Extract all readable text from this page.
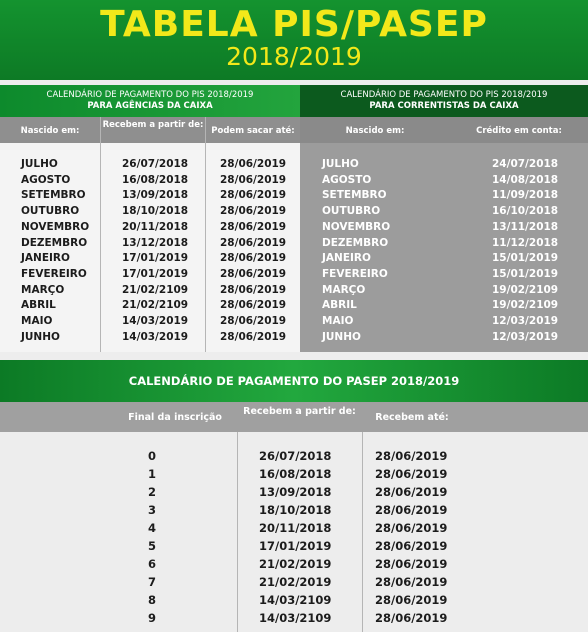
TABELA PIS/PASEP
2018/2019
CALENDÁRIO DE PAGAMENTO DO PIS 2018/2019
PARA AGÊNCIAS DA CAIXA
CALENDÁRIO DE PAGAMENTO DO PIS 2018/2019
PARA CORRENTISTAS DA CAIXA
Nascido em:
Recebem a partir de:
Podem sacar até:
JULHO	26/07/2018	28/06/2019
AGOSTO	16/08/2018	28/06/2019
SETEMBRO	13/09/2018	28/06/2019
OUTUBRO	18/10/2018	28/06/2019
NOVEMBRO	20/11/2018	28/06/2019
DEZEMBRO	13/12/2018	28/06/2019
JANEIRO	17/01/2019	28/06/2019
FEVEREIRO	17/01/2019	28/06/2019
MARÇO	21/02/2109	28/06/2019
ABRIL	21/02/2109	28/06/2019
MAIO	14/03/2019	28/06/2019
JUNHO	14/03/2019	28/06/2019
Nascido em:	Crédito em conta:
JULHO	24/07/2018
AGOSTO	14/08/2018
SETEMBRO	11/09/2018
OUTUBRO	16/10/2018
NOVEMBRO	13/11/2018
DEZEMBRO	11/12/2018
JANEIRO	15/01/2019
FEVEREIRO	15/01/2019
MARÇO	19/02/2109
ABRIL	19/02/2109
MAIO	12/03/2019
JUNHO	12/03/2019
CALENDÁRIO DE PAGAMENTO DO PASEP 2018/2019
Final da inscrição
Recebem a partir de:
Recebem até:
0	26/07/2018	28/06/2019
1	16/08/2018	28/06/2019
2	13/09/2018	28/06/2019
3	18/10/2018	28/06/2019
4	20/11/2018	28/06/2019
5	17/01/2019	28/06/2019
6	21/02/2019	28/06/2019
7	21/02/2019	28/06/2019
8	14/03/2109	28/06/2019
9	14/03/2109	28/06/2019
